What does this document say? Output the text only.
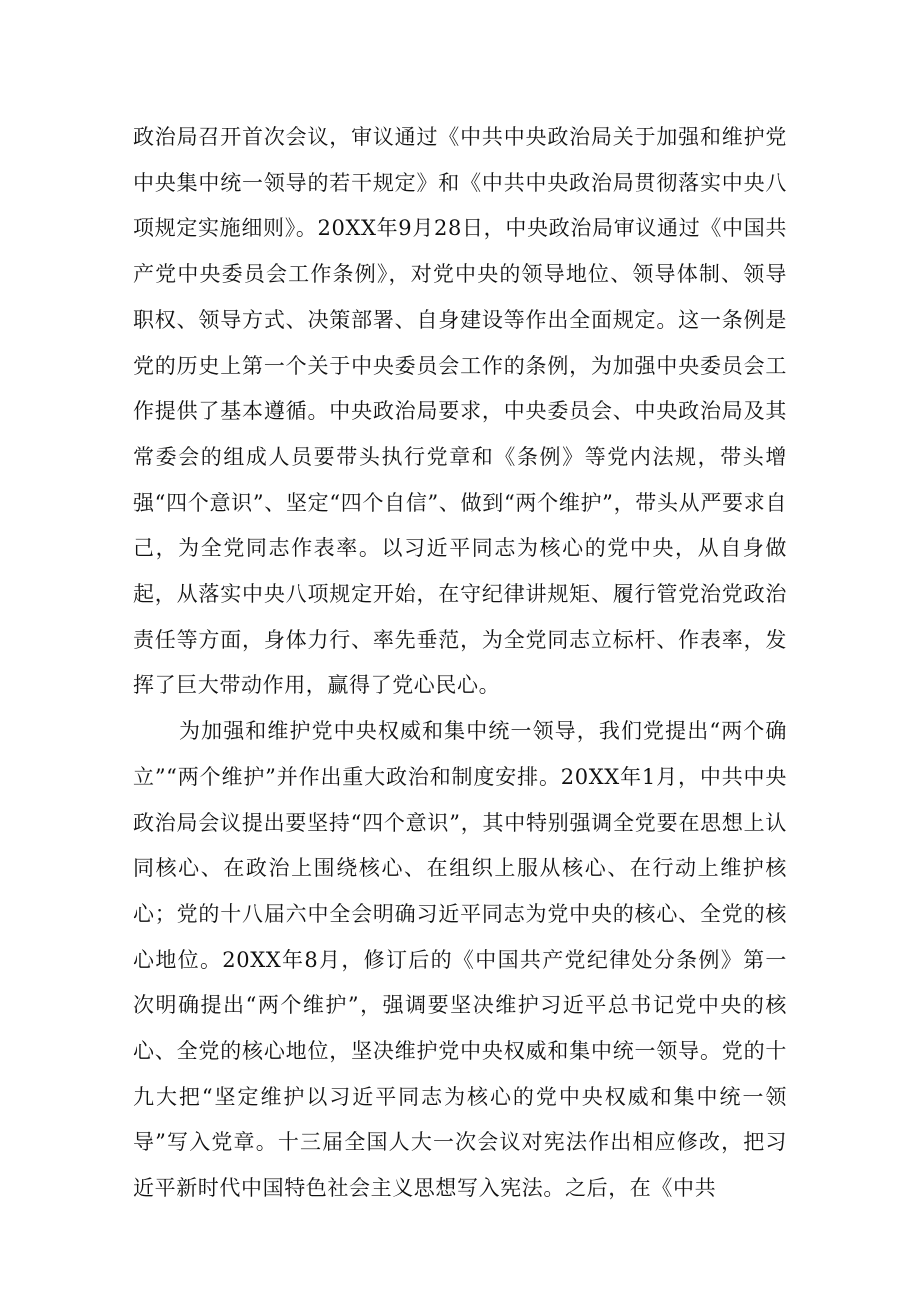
政治局召开首次会议，审议通过《中共中央政治局关于加强和维护党中央集中统一领导的若干规定》和《中共中央政治局贯彻落实中央八项规定实施细则》。20XX年9月28日，中央政治局审议通过《中国共产党中央委员会工作条例》，对党中央的领导地位、领导体制、领导职权、领导方式、决策部署、自身建设等作出全面规定。这一条例是党的历史上第一个关于中央委员会工作的条例，为加强中央委员会工作提供了基本遵循。中央政治局要求，中央委员会、中央政治局及其常委会的组成人员要带头执行党章和《条例》等党内法规，带头增强“四个意识”、坚定“四个自信”、做到“两个维护”，带头从严要求自己，为全党同志作表率。以习近平同志为核心的党中央，从自身做起，从落实中央八项规定开始，在守纪律讲规矩、履行管党治党政治责任等方面，身体力行、率先垂范，为全党同志立标杆、作表率，发挥了巨大带动作用，赢得了党心民心。

为加强和维护党中央权威和集中统一领导，我们党提出“两个确立”“两个维护”并作出重大政治和制度安排。20XX年1月，中共中央政治局会议提出要坚持“四个意识”，其中特别强调全党要在思想上认同核心、在政治上围绕核心、在组织上服从核心、在行动上维护核心；党的十八届六中全会明确习近平同志为党中央的核心、全党的核心地位。20XX年8月，修订后的《中国共产党纪律处分条例》第一次明确提出“两个维护”，强调要坚决维护习近平总书记党中央的核心、全党的核心地位，坚决维护党中央权威和集中统一领导。党的十九大把“坚定维护以习近平同志为核心的党中央权威和集中统一领导”写入党章。十三届全国人大一次会议对宪法作出相应修改，把习近平新时代中国特色社会主义思想写入宪法。之后，在《中共
